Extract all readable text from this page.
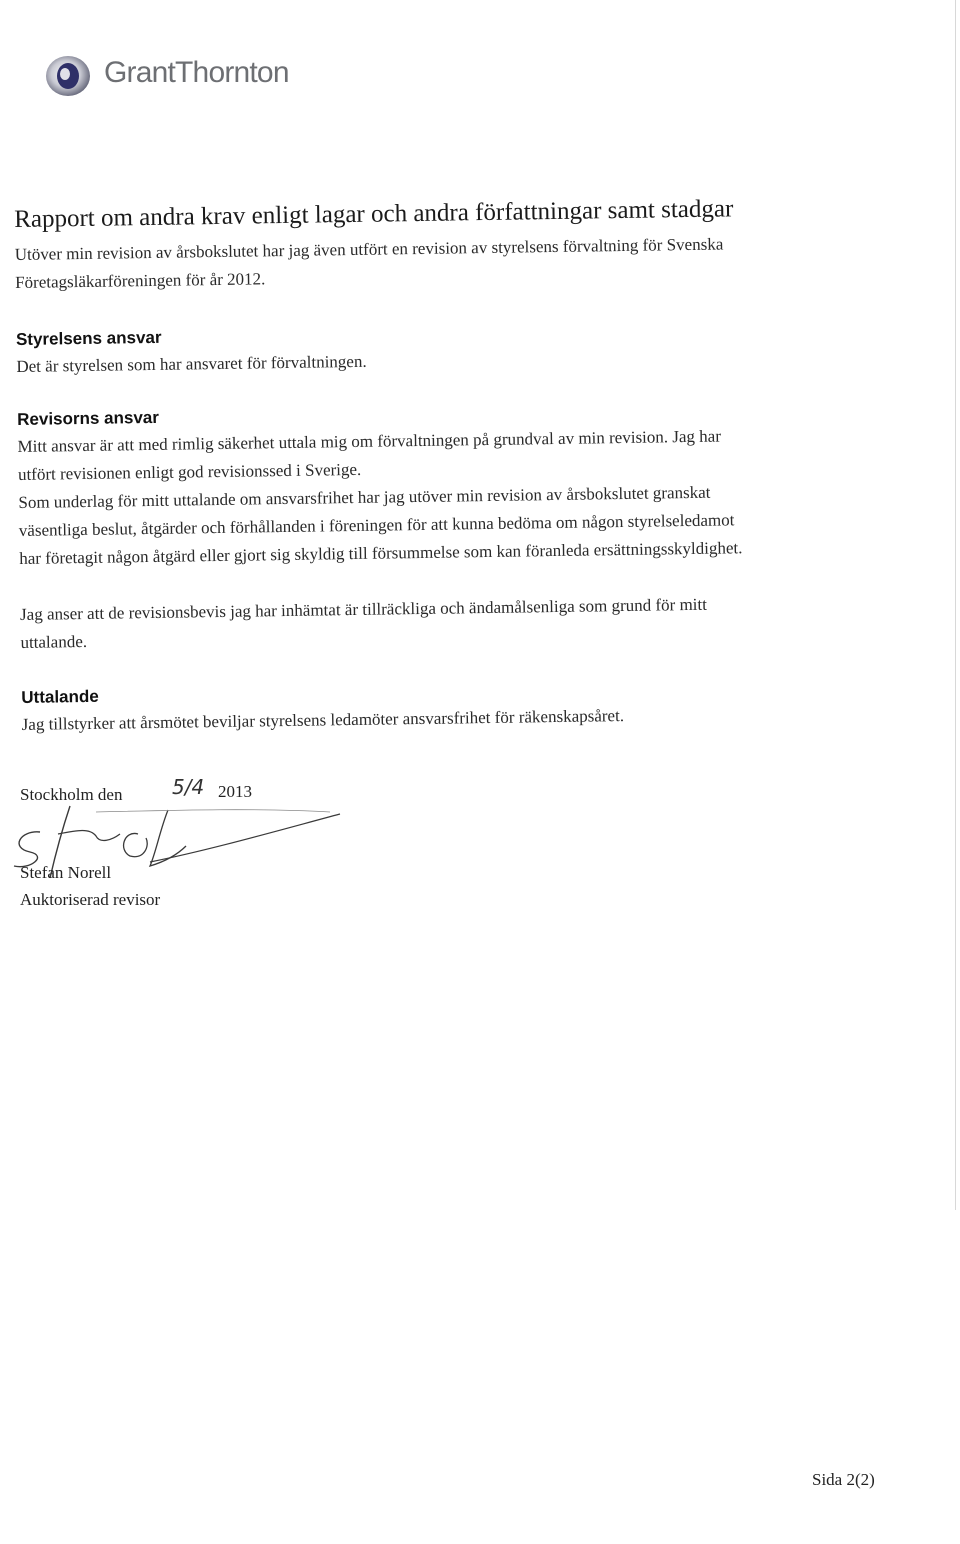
GrantThornton
Rapport om andra krav enligt lagar och andra författningar samt stadgar
Utöver min revision av årsbokslutet har jag även utfört en revision av styrelsens förvaltning för Svenska
Företagsläkarföreningen för år 2012.
Styrelsens ansvar
Det är styrelsen som har ansvaret för förvaltningen.
Revisorns ansvar
Mitt ansvar är att med rimlig säkerhet uttala mig om förvaltningen på grundval av min revision. Jag har
utfört revisionen enligt god revisionssed i Sverige.
Som underlag för mitt uttalande om ansvarsfrihet har jag utöver min revision av årsbokslutet granskat
väsentliga beslut, åtgärder och förhållanden i föreningen för att kunna bedöma om någon styrelseledamot
har företagit någon åtgärd eller gjort sig skyldig till försummelse som kan föranleda ersättningsskyldighet.
Jag anser att de revisionsbevis jag har inhämtat är tillräckliga och ändamålsenliga som grund för mitt
uttalande.
Uttalande
Jag tillstyrker att årsmötet beviljar styrelsens ledamöter ansvarsfrihet för räkenskapsåret.
Stockholm den 5/4 2013
Stefan Norell
Auktoriserad revisor
Sida 2(2)
